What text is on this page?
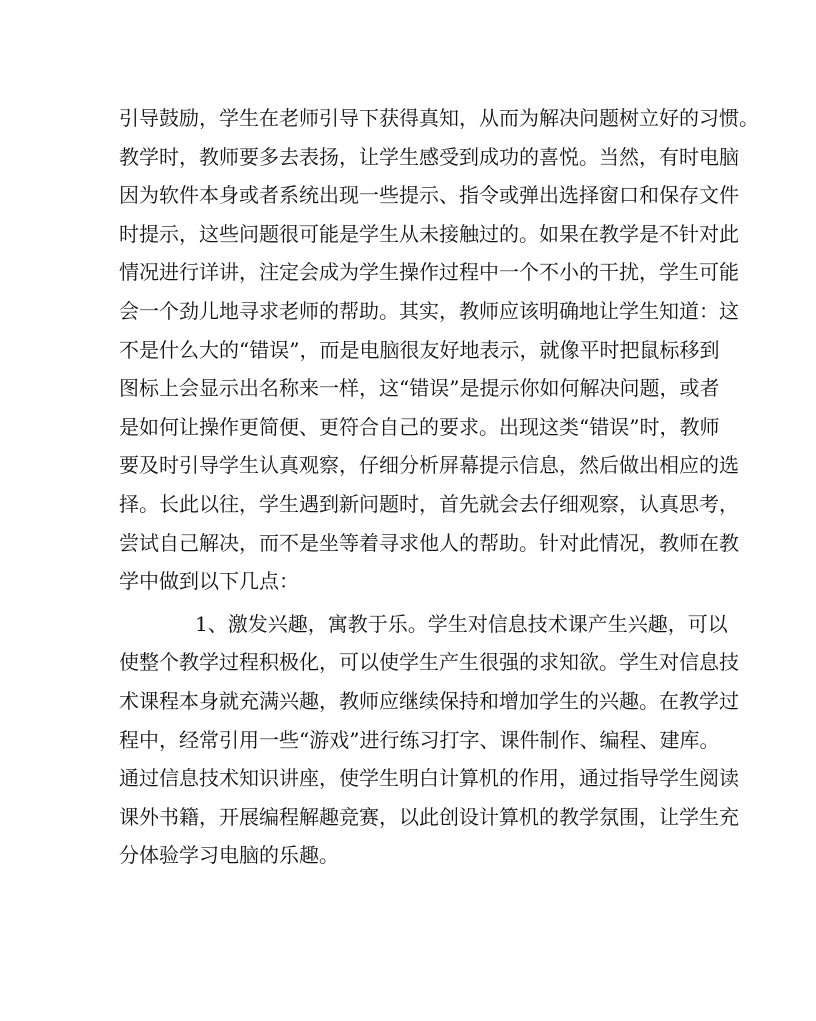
引导鼓励，学生在老师引导下获得真知，从而为解决问题树立好的习惯。
教学时，教师要多去表扬，让学生感受到成功的喜悦。当然，有时电脑
因为软件本身或者系统出现一些提示、指令或弹出选择窗口和保存文件
时提示，这些问题很可能是学生从未接触过的。如果在教学是不针对此
情况进行详讲，注定会成为学生操作过程中一个不小的干扰，学生可能
会一个劲儿地寻求老师的帮助。其实，教师应该明确地让学生知道：这
不是什么大的“错误”，而是电脑很友好地表示，就像平时把鼠标移到
图标上会显示出名称来一样，这“错误”是提示你如何解决问题，或者
是如何让操作更简便、更符合自己的要求。出现这类“错误”时，教师
要及时引导学生认真观察，仔细分析屏幕提示信息，然后做出相应的选
择。长此以往，学生遇到新问题时，首先就会去仔细观察，认真思考，
尝试自己解决，而不是坐等着寻求他人的帮助。针对此情况，教师在教
学中做到以下几点：
1、激发兴趣，寓教于乐。学生对信息技术课产生兴趣，可以
使整个教学过程积极化，可以使学生产生很强的求知欲。学生对信息技
术课程本身就充满兴趣，教师应继续保持和增加学生的兴趣。在教学过
程中，经常引用一些“游戏”进行练习打字、课件制作、编程、建库。
通过信息技术知识讲座，使学生明白计算机的作用，通过指导学生阅读
课外书籍，开展编程解趣竞赛，以此创设计算机的教学氛围，让学生充
分体验学习电脑的乐趣。
